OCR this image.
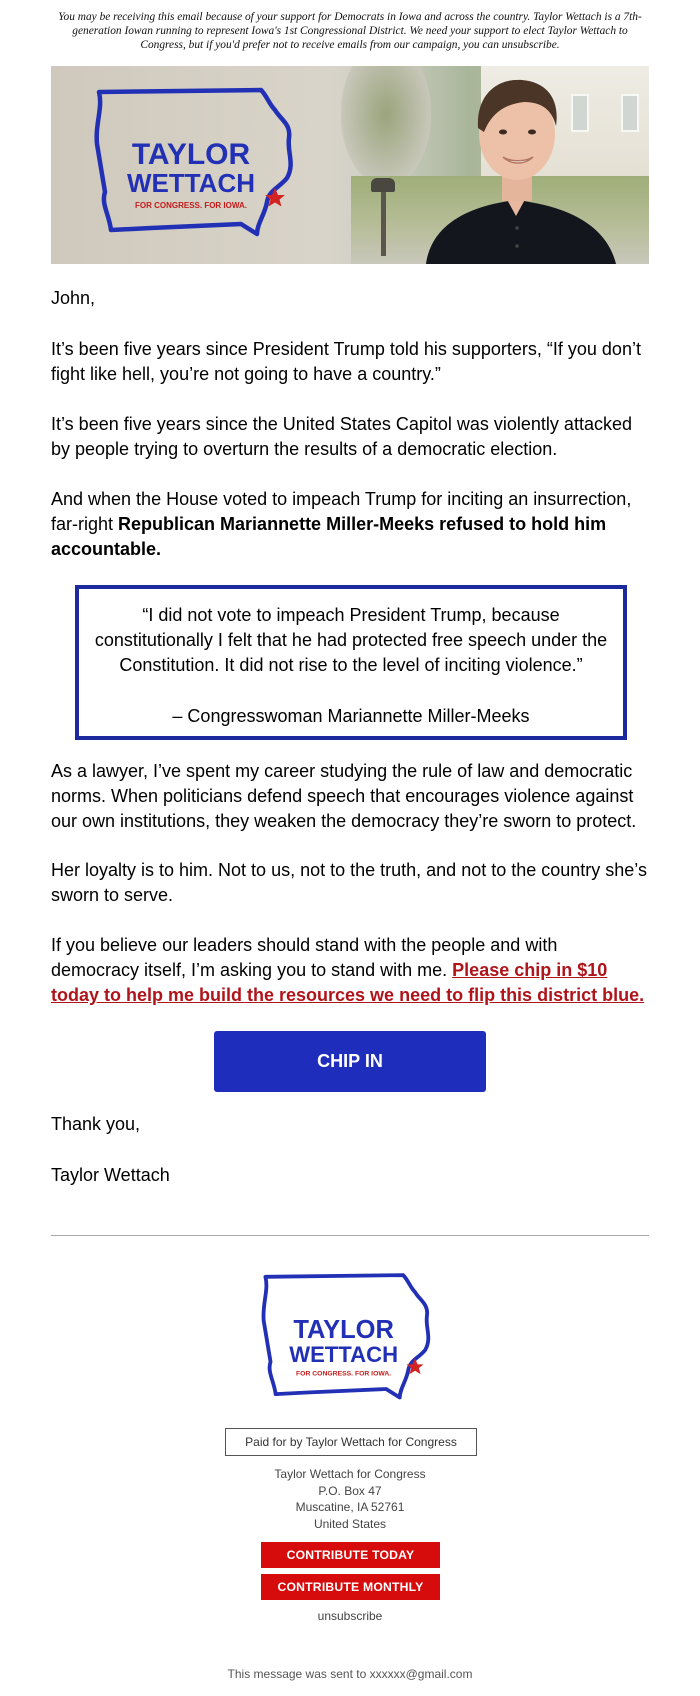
You may be receiving this email because of your support for Democrats in Iowa and across the country. Taylor Wettach is a 7th-generation Iowan running to represent Iowa's 1st Congressional District. We need your support to elect Taylor Wettach to Congress, but if you'd prefer not to receive emails from our campaign, you can unsubscribe.

TAYLOR
WETTACH
FOR CONGRESS. FOR IOWA.

John,

It’s been five years since President Trump told his supporters, “If you don’t fight like hell, you’re not going to have a country.”

It’s been five years since the United States Capitol was violently attacked by people trying to overturn the results of a democratic election.

And when the House voted to impeach Trump for inciting an insurrection, far-right Republican Mariannette Miller-Meeks refused to hold him accountable.

“I did not vote to impeach President Trump, because constitutionally I felt that he had protected free speech under the Constitution. It did not rise to the level of inciting violence.”

– Congresswoman Mariannette Miller-Meeks

As a lawyer, I’ve spent my career studying the rule of law and democratic norms. When politicians defend speech that encourages violence against our own institutions, they weaken the democracy they’re sworn to protect.

Her loyalty is to him. Not to us, not to the truth, and not to the country she’s sworn to serve.

If you believe our leaders should stand with the people and with democracy itself, I’m asking you to stand with me. Please chip in $10 today to help me build the resources we need to flip this district blue.

CHIP IN

Thank you,

Taylor Wettach

TAYLOR
WETTACH
FOR CONGRESS. FOR IOWA.
Paid for by Taylor Wettach for Congress
Taylor Wettach for Congress
P.O. Box 47
Muscatine, IA 52761
United States
CONTRIBUTE TODAY
CONTRIBUTE MONTHLY
unsubscribe
This message was sent to xxxxxx@gmail.com
